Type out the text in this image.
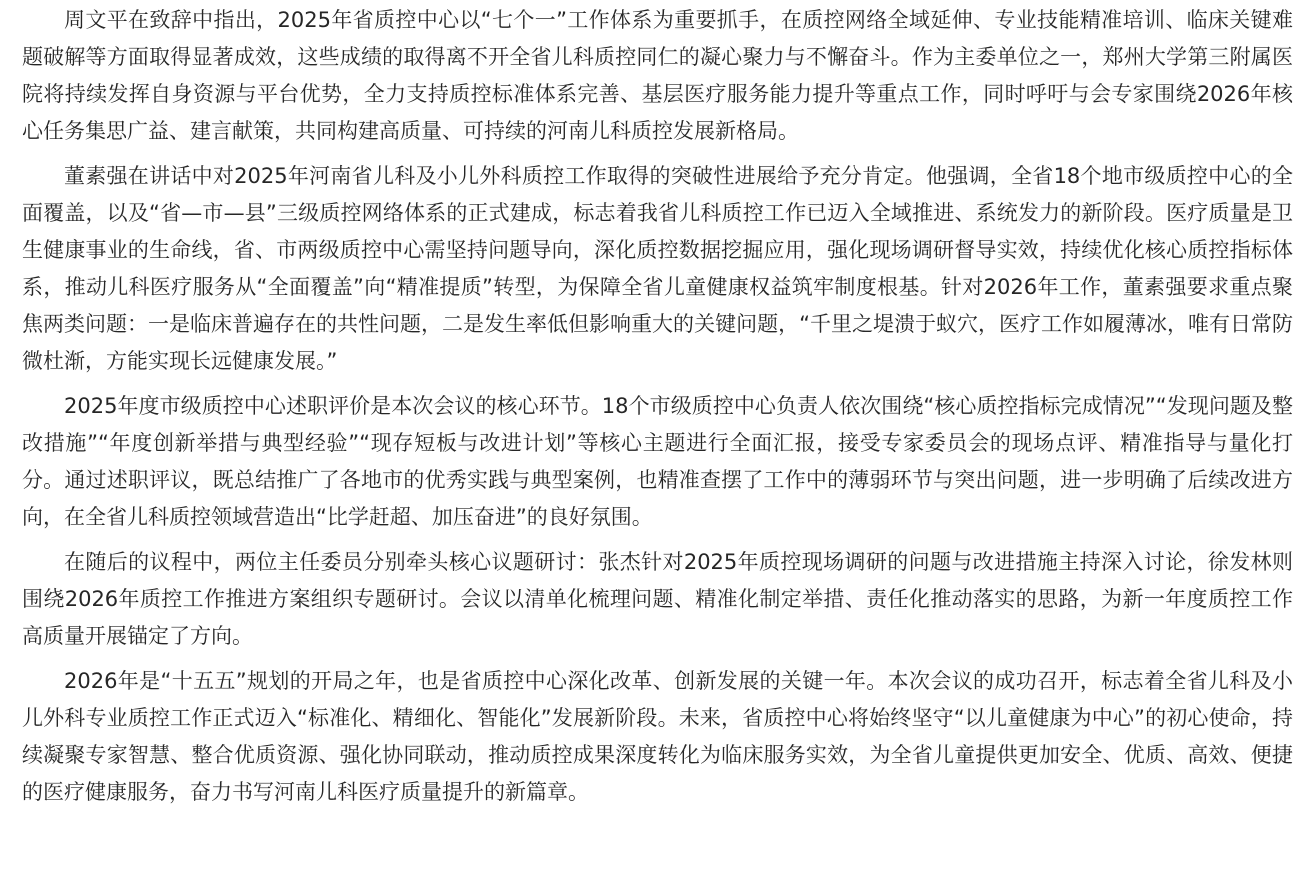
周文平在致辞中指出，2025年省质控中心以“七个一”工作体系为重要抓手，在质控网络全域延伸、专业技能精准培训、临床关键难题破解等方面取得显著成效，这些成绩的取得离不开全省儿科质控同仁的凝心聚力与不懈奋斗。作为主委单位之一，郑州大学第三附属医院将持续发挥自身资源与平台优势，全力支持质控标准体系完善、基层医疗服务能力提升等重点工作，同时呼吁与会专家围绕2026年核心任务集思广益、建言献策，共同构建高质量、可持续的河南儿科质控发展新格局。

董素强在讲话中对2025年河南省儿科及小儿外科质控工作取得的突破性进展给予充分肯定。他强调，全省18个地市级质控中心的全面覆盖，以及“省—市—县”三级质控网络体系的正式建成，标志着我省儿科质控工作已迈入全域推进、系统发力的新阶段。医疗质量是卫生健康事业的生命线，省、市两级质控中心需坚持问题导向，深化质控数据挖掘应用，强化现场调研督导实效，持续优化核心质控指标体系，推动儿科医疗服务从“全面覆盖”向“精准提质”转型，为保障全省儿童健康权益筑牢制度根基。针对2026年工作，董素强要求重点聚焦两类问题：一是临床普遍存在的共性问题，二是发生率低但影响重大的关键问题，“千里之堤溃于蚁穴，医疗工作如履薄冰，唯有日常防微杜渐，方能实现长远健康发展。”

2025年度市级质控中心述职评价是本次会议的核心环节。18个市级质控中心负责人依次围绕“核心质控指标完成情况”“发现问题及整改措施”“年度创新举措与典型经验”“现存短板与改进计划”等核心主题进行全面汇报，接受专家委员会的现场点评、精准指导与量化打分。通过述职评议，既总结推广了各地市的优秀实践与典型案例，也精准查摆了工作中的薄弱环节与突出问题，进一步明确了后续改进方向，在全省儿科质控领域营造出“比学赶超、加压奋进”的良好氛围。

在随后的议程中，两位主任委员分别牵头核心议题研讨：张杰针对2025年质控现场调研的问题与改进措施主持深入讨论，徐发林则围绕2026年质控工作推进方案组织专题研讨。会议以清单化梳理问题、精准化制定举措、责任化推动落实的思路，为新一年度质控工作高质量开展锚定了方向。

2026年是“十五五”规划的开局之年，也是省质控中心深化改革、创新发展的关键一年。本次会议的成功召开，标志着全省儿科及小儿外科专业质控工作正式迈入“标准化、精细化、智能化”发展新阶段。未来，省质控中心将始终坚守“以儿童健康为中心”的初心使命，持续凝聚专家智慧、整合优质资源、强化协同联动，推动质控成果深度转化为临床服务实效，为全省儿童提供更加安全、优质、高效、便捷的医疗健康服务，奋力书写河南儿科医疗质量提升的新篇章。
